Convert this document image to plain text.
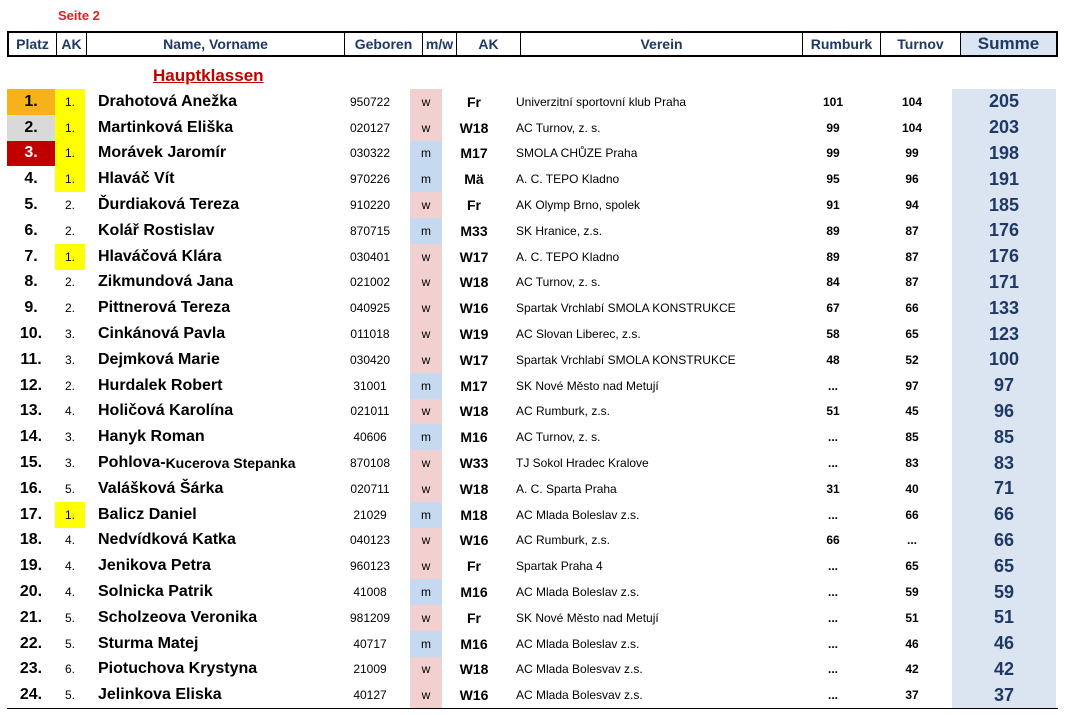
Seite 2
Platz AK	Name, Vorname	Geboren m/w	AK	Verein	Rumburk	Turnov	Summe
Hauptklassen
1.	1.	Drahotová Anežka	950722	w	Fr	Univerzitní sportovní klub Praha	101	104	205
2.	1.	Martinková Eliška	020127	w	W18	AC Turnov, z. s.	99	104	203
3.	1.	Morávek Jaromír	030322	m	M17	SMOLA CHŮZE Praha	99	99	198
4.	1.	Hlaváč Vít	970226	m	Mä	A. C. TEPO Kladno	95	96	191
5.	2.	Ďurdiaková Tereza	910220	w	Fr	AK Olymp Brno, spolek	91	94	185
6.	2.	Kolář Rostislav	870715	m	M33	SK Hranice, z.s.	89	87	176
7.	1.	Hlaváčová Klára	030401	w	W17	A. C. TEPO Kladno	89	87	176
8.	2.	Zikmundová Jana	021002	w	W18	AC Turnov, z. s.	84	87	171
9.	2.	Pittnerová Tereza	040925	w	W16	Spartak Vrchlabí SMOLA KONSTRUKCE	67	66	133
10.	3.	Cinkánová Pavla	011018	w	W19	AC Slovan Liberec, z.s.	58	65	123
11.	3.	Dejmková Marie	030420	w	W17	Spartak Vrchlabí SMOLA KONSTRUKCE	48	52	100
12.	2.	Hurdalek Robert	31001	m	M17	SK Nové Město nad Metují	...	97	97
13.	4.	Holičová Karolína	021011	w	W18	AC Rumburk, z.s.	51	45	96
14.	3.	Hanyk Roman	40606	m	M16	AC Turnov, z. s.	...	85	85
15.	3.	Pohlova- Kucerova Stepanka	870108	w	W33	TJ Sokol Hradec Kralove	...	83	83
16.	5.	Valášková Šárka	020711	w	W18	A. C. Sparta Praha	31	40	71
17.	1.	Balicz Daniel	21029	m	M18	AC Mlada Boleslav z.s.	...	66	66
18.	4.	Nedvídková Katka	040123	w	W16	AC Rumburk, z.s.	66	...	66
19.	4.	Jenikova Petra	960123	w	Fr	Spartak Praha 4	...	65	65
20.	4.	Solnicka Patrik	41008	m	M16	AC Mlada Boleslav z.s.	...	59	59
21.	5.	Scholzeova Veronika	981209	w	Fr	SK Nové Město nad Metují	...	51	51
22.	5.	Sturma Matej	40717	m	M16	AC Mlada Boleslav z.s.	...	46	46
23.	6.	Piotuchova Krystyna	21009	w	W18	AC Mlada Bolesvav z.s.	...	42	42
24.	5.	Jelinkova Eliska	40127	w	W16	AC Mlada Bolesvav z.s.	...	37	37
